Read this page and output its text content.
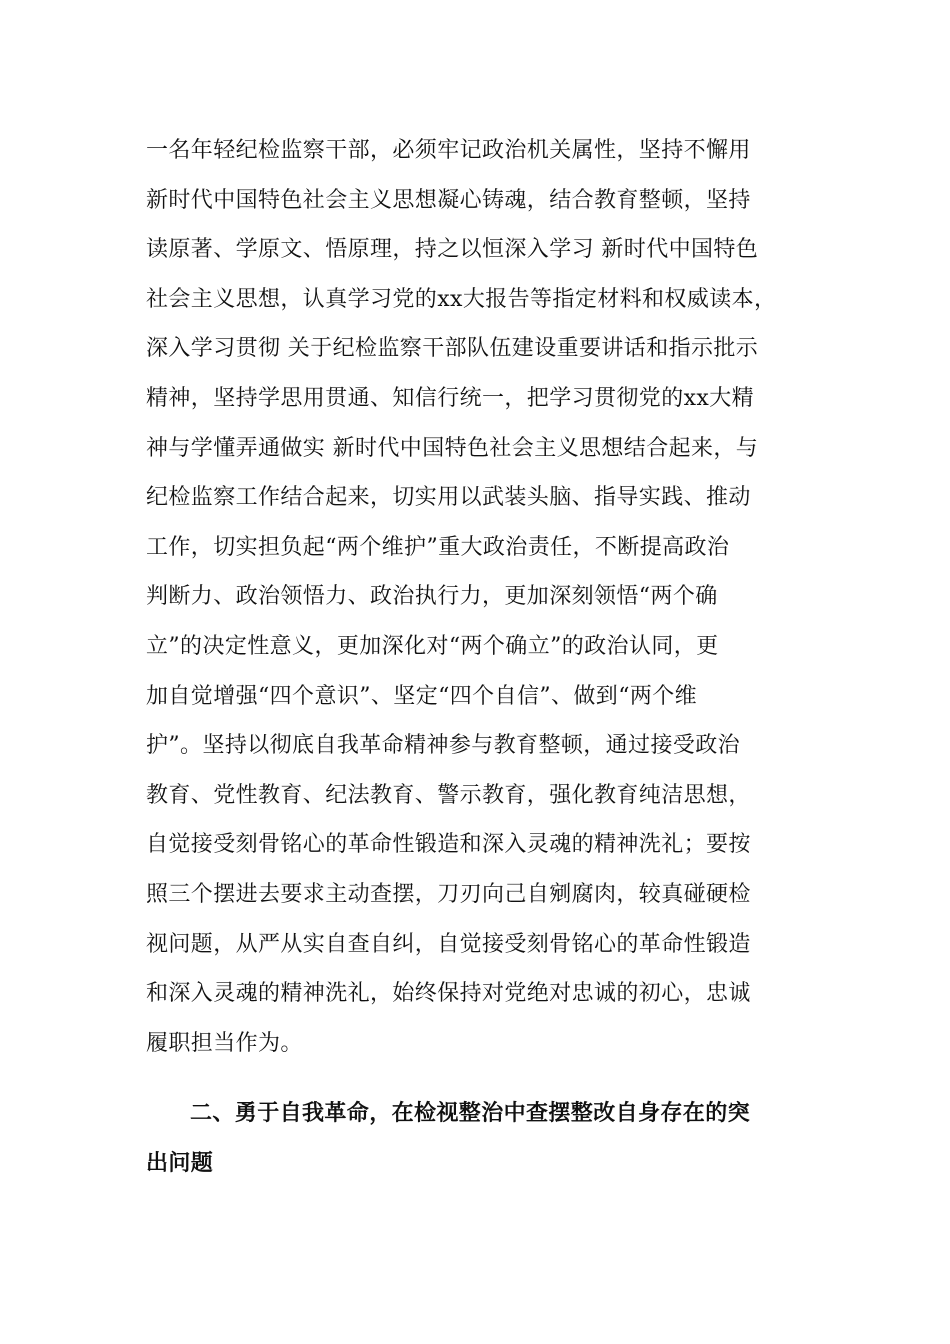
一名年轻纪检监察干部，必须牢记政治机关属性，坚持不懈用
新时代中国特色社会主义思想凝心铸魂，结合教育整顿，坚持
读原著、学原文、悟原理，持之以恒深入学习 新时代中国特色
社会主义思想，认真学习党的xx大报告等指定材料和权威读本，
深入学习贯彻 关于纪检监察干部队伍建设重要讲话和指示批示
精神，坚持学思用贯通、知信行统一，把学习贯彻党的xx大精
神与学懂弄通做实 新时代中国特色社会主义思想结合起来，与
纪检监察工作结合起来，切实用以武装头脑、指导实践、推动
工作，切实担负起“两个维护”重大政治责任，不断提高政治
判断力、政治领悟力、政治执行力，更加深刻领悟“两个确
立”的决定性意义，更加深化对“两个确立”的政治认同，更
加自觉增强“四个意识”、坚定“四个自信”、做到“两个维
护”。坚持以彻底自我革命精神参与教育整顿，通过接受政治
教育、党性教育、纪法教育、警示教育，强化教育纯洁思想，
自觉接受刻骨铭心的革命性锻造和深入灵魂的精神洗礼；要按
照三个摆进去要求主动查摆，刀刃向己自剜腐肉，较真碰硬检
视问题，从严从实自查自纠，自觉接受刻骨铭心的革命性锻造
和深入灵魂的精神洗礼，始终保持对党绝对忠诚的初心，忠诚
履职担当作为。
二、勇于自我革命，在检视整治中查摆整改自身存在的突
出问题
